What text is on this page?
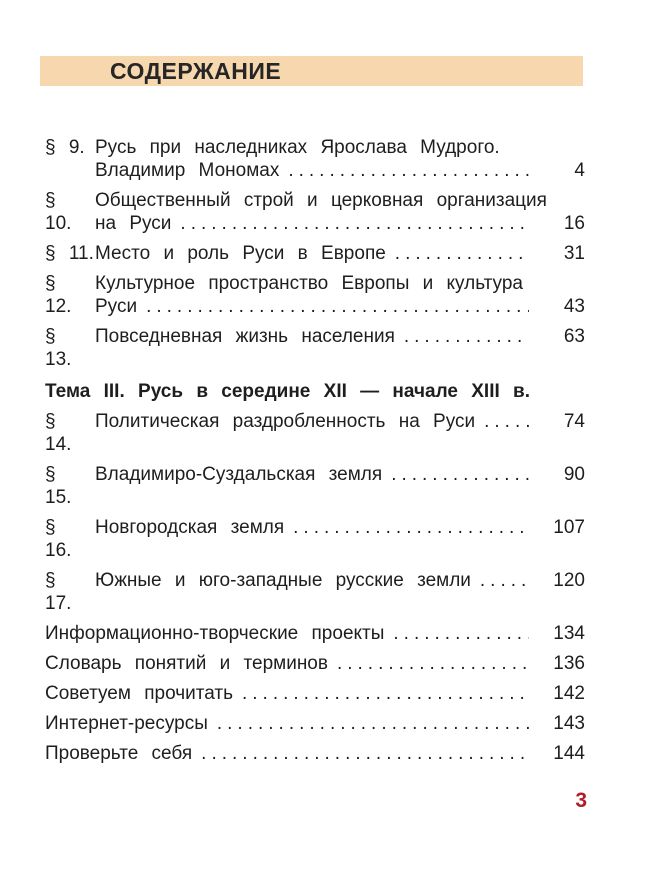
СОДЕРЖАНИЕ
§ 9. Русь при наследниках Ярослава Мудрого.
Владимир Мономах .....	4
§ 10.
Общественный строй и церковная организация
на Руси .....	16
§ 11. Место и роль Руси в Европе .....	31
§ 12.
Культурное пространство Европы и культура
Руси .....	43
§ 13.
Повседневная жизнь населения .....	63
Тема III. Русь в середине XII — начале XIII в.
§ 14.
Политическая раздробленность на Руси .....	74
§ 15.
Владимиро-Суздальская земля .....	90
§ 16.
Новгородская земля .....	107
§ 17.
Южные и юго-западные русские земли .....	120
Информационно-творческие проекты .....	134
Словарь понятий и терминов .....	136
Советуем прочитать .....	142
Интернет-ресурсы .....	143
Проверьте себя .....	144
3
